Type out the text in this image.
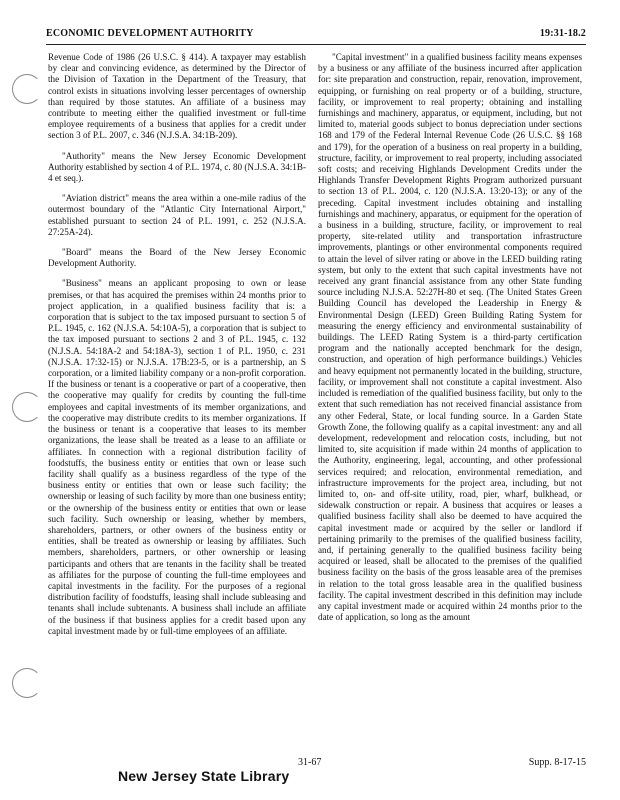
ECONOMIC DEVELOPMENT AUTHORITY	19:31-18.2

Revenue Code of 1986 (26 U.S.C. § 414). A taxpayer may establish by clear and convincing evidence, as determined by the Director of the Division of Taxation in the Department of the Treasury, that control exists in situations involving lesser percentages of ownership than required by those statutes. An affiliate of a business may contribute to meeting either the qualified investment or full-time employee requirements of a business that applies for a credit under section 3 of P.L. 2007, c. 346 (N.J.S.A. 34:1B-209).

"Authority" means the New Jersey Economic Development Authority established by section 4 of P.L. 1974, c. 80 (N.J.S.A. 34:1B-4 et seq.).

"Aviation district" means the area within a one-mile radius of the outermost boundary of the "Atlantic City International Airport," established pursuant to section 24 of P.L. 1991, c. 252 (N.J.S.A. 27:25A-24).

"Board" means the Board of the New Jersey Economic Development Authority.

"Business" means an applicant proposing to own or lease premises, or that has acquired the premises within 24 months prior to project application, in a qualified business facility that is: a corporation that is subject to the tax imposed pursuant to section 5 of P.L. 1945, c. 162 (N.J.S.A. 54:10A-5), a corporation that is subject to the tax imposed pursuant to sections 2 and 3 of P.L. 1945, c. 132 (N.J.S.A. 54:18A-2 and 54:18A-3), section 1 of P.L. 1950, c. 231 (N.J.S.A. 17:32-15) or N.J.S.A. 17B:23-5, or is a partnership, an S corporation, or a limited liability company or a non-profit corporation. If the business or tenant is a cooperative or part of a cooperative, then the cooperative may qualify for credits by counting the full-time employees and capital investments of its member organizations, and the cooperative may distribute credits to its member organizations. If the business or tenant is a cooperative that leases to its member organizations, the lease shall be treated as a lease to an affiliate or affiliates. In connection with a regional distribution facility of foodstuffs, the business entity or entities that own or lease such facility shall qualify as a business regardless of the type of the business entity or entities that own or lease such facility; the ownership or leasing of such facility by more than one business entity; or the ownership of the business entity or entities that own or lease such facility. Such ownership or leasing, whether by members, shareholders, partners, or other owners of the business entity or entities, shall be treated as ownership or leasing by affiliates. Such members, shareholders, partners, or other ownership or leasing participants and others that are tenants in the facility shall be treated as affiliates for the purpose of counting the full-time employees and capital investments in the facility. For the purposes of a regional distribution facility of foodstuffs, leasing shall include subleasing and tenants shall include subtenants. A business shall include an affiliate of the business if that business applies for a credit based upon any capital investment made by or full-time employees of an affiliate.

"Capital investment" in a qualified business facility means expenses by a business or any affiliate of the business incurred after application for: site preparation and construction, repair, renovation, improvement, equipping, or furnishing on real property or of a building, structure, facility, or improvement to real property; obtaining and installing furnishings and machinery, apparatus, or equipment, including, but not limited to, material goods subject to bonus depreciation under sections 168 and 179 of the Federal Internal Revenue Code (26 U.S.C. §§ 168 and 179), for the operation of a business on real property in a building, structure, facility, or improvement to real property, including associated soft costs; and receiving Highlands Development Credits under the Highlands Transfer Development Rights Program authorized pursuant to section 13 of P.L. 2004, c. 120 (N.J.S.A. 13:20-13); or any of the preceding. Capital investment includes obtaining and installing furnishings and machinery, apparatus, or equipment for the operation of a business in a building, structure, facility, or improvement to real property, site-related utility and transportation infrastructure improvements, plantings or other environmental components required to attain the level of silver rating or above in the LEED building rating system, but only to the extent that such capital investments have not received any grant financial assistance from any other State funding source including N.J.S.A. 52:27H-80 et seq. (The United States Green Building Council has developed the Leadership in Energy & Environmental Design (LEED) Green Building Rating System for measuring the energy efficiency and environmental sustainability of buildings. The LEED Rating System is a third-party certification program and the nationally accepted benchmark for the design, construction, and operation of high performance buildings.) Vehicles and heavy equipment not permanently located in the building, structure, facility, or improvement shall not constitute a capital investment. Also included is remediation of the qualified business facility, but only to the extent that such remediation has not received financial assistance from any other Federal, State, or local funding source. In a Garden State Growth Zone, the following qualify as a capital investment: any and all development, redevelopment and relocation costs, including, but not limited to, site acquisition if made within 24 months of application to the Authority, engineering, legal, accounting, and other professional services required; and relocation, environmental remediation, and infrastructure improvements for the project area, including, but not limited to, on- and off-site utility, road, pier, wharf, bulkhead, or sidewalk construction or repair. A business that acquires or leases a qualified business facility shall also be deemed to have acquired the capital investment made or acquired by the seller or landlord if pertaining primarily to the premises of the qualified business facility, and, if pertaining generally to the qualified business facility being acquired or leased, shall be allocated to the premises of the qualified business facility on the basis of the gross leasable area of the premises in relation to the total gross leasable area in the qualified business facility. The capital investment described in this definition may include any capital investment made or acquired within 24 months prior to the date of application, so long as the amount

31-67	Supp. 8-17-15
New Jersey State Library
